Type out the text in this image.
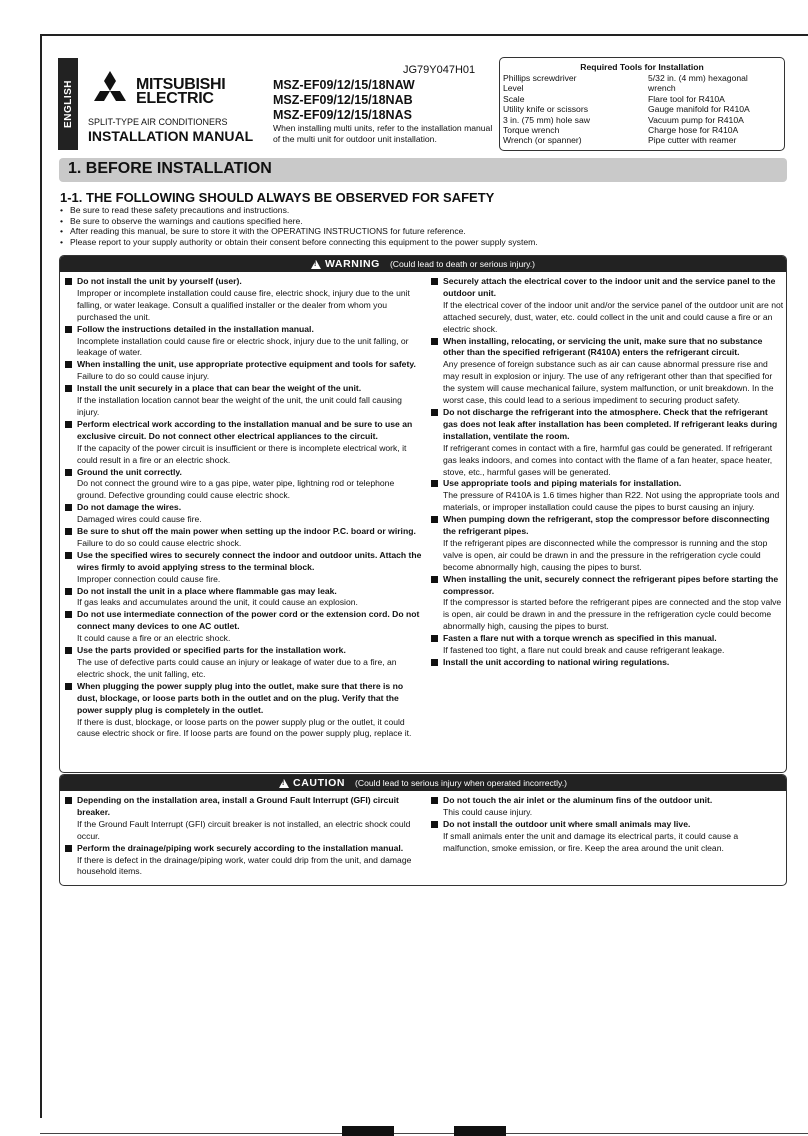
ENGLISH	MITSUBISHI
ELECTRIC
SPLIT-TYPE AIR CONDITIONERS
INSTALLATION MANUAL
JG79Y047H01
MSZ-EF09/12/15/18NAW
MSZ-EF09/12/15/18NAB
MSZ-EF09/12/15/18NAS
When installing multi units, refer to the installation manual of the multi unit for outdoor unit installation.
Required Tools for Installation
Phillips screwdriver
Level
Scale
Utility knife or scissors
3 in. (75 mm) hole saw
Torque wrench
Wrench (or spanner)
5/32 in. (4 mm) hexagonal
wrench
Flare tool for R410A
Gauge manifold for R410A
Vacuum pump for R410A
Charge hose for R410A
Pipe cutter with reamer
1. BEFORE INSTALLATION
1-1. THE FOLLOWING SHOULD ALWAYS BE OBSERVED FOR SAFETY
• Be sure to read these safety precautions and instructions.
• Be sure to observe the warnings and cautions specified here.
• After reading this manual, be sure to store it with the OPERATING INSTRUCTIONS for future reference.
• Please report to your supply authority or obtain their consent before connecting this equipment to the power supply system.
!
WARNING (Could lead to death or serious injury.)
Do not install the unit by yourself (user).
Improper or incomplete installation could cause fire, electric shock, injury due to the unit falling, or water leakage. Consult a qualified installer or the dealer from whom you purchased the unit.
Follow the instructions detailed in the installation manual.
Incomplete installation could cause fire or electric shock, injury due to the unit falling, or leakage of water.
When installing the unit, use appropriate protective equipment and tools for safety.
Failure to do so could cause injury.
Install the unit securely in a place that can bear the weight of the unit.
If the installation location cannot bear the weight of the unit, the unit could fall causing injury.
Perform electrical work according to the installation manual and be sure to use an exclusive circuit. Do not connect other electrical appliances to the circuit.
If the capacity of the power circuit is insufficient or there is incomplete electrical work, it could result in a fire or an electric shock.
Ground the unit correctly.
Do not connect the ground wire to a gas pipe, water pipe, lightning rod or telephone ground. Defective grounding could cause electric shock.
Do not damage the wires.
Damaged wires could cause fire.
Be sure to shut off the main power when setting up the indoor P.C. board or wiring.
Failure to do so could cause electric shock.
Use the specified wires to securely connect the indoor and outdoor units. Attach the wires firmly to avoid applying stress to the terminal block.
Improper connection could cause fire.
Do not install the unit in a place where flammable gas may leak.
If gas leaks and accumulates around the unit, it could cause an explosion.
Do not use intermediate connection of the power cord or the extension cord. Do not connect many devices to one AC outlet.
It could cause a fire or an electric shock.
Use the parts provided or specified parts for the installation work.
The use of defective parts could cause an injury or leakage of water due to a fire, an electric shock, the unit falling, etc.
When plugging the power supply plug into the outlet, make sure that there is no dust, blockage, or loose parts both in the outlet and on the plug. Verify that the power supply plug is completely in the outlet.
If there is dust, blockage, or loose parts on the power supply plug or the outlet, it could cause electric shock or fire. If loose parts are found on the power supply plug, replace it.
Securely attach the electrical cover to the indoor unit and the service panel to the outdoor unit.
If the electrical cover of the indoor unit and/or the service panel of the outdoor unit are not attached securely, dust, water, etc. could collect in the unit and could cause a fire or an electric shock.
When installing, relocating, or servicing the unit, make sure that no substance other than the specified refrigerant (R410A) enters the refrigerant circuit.
Any presence of foreign substance such as air can cause abnormal pressure rise and may result in explosion or injury. The use of any refrigerant other than that specified for the system will cause mechanical failure, system malfunction, or unit breakdown. In the worst case, this could lead to a serious impediment to securing product safety.
Do not discharge the refrigerant into the atmosphere. Check that the refrigerant gas does not leak after installation has been completed. If refrigerant leaks during installation, ventilate the room.
If refrigerant comes in contact with a fire, harmful gas could be generated. If refrigerant gas leaks indoors, and comes into contact with the flame of a fan heater, space heater, stove, etc., harmful gases will be generated.
Use appropriate tools and piping materials for installation.
The pressure of R410A is 1.6 times higher than R22. Not using the appropriate tools and materials, or improper installation could cause the pipes to burst causing an injury.
When pumping down the refrigerant, stop the compressor before disconnecting the refrigerant pipes.
If the refrigerant pipes are disconnected while the compressor is running and the stop valve is open, air could be drawn in and the pressure in the refrigeration cycle could become abnormally high, causing the pipes to burst.
When installing the unit, securely connect the refrigerant pipes before starting the compressor.
If the compressor is started before the refrigerant pipes are connected and the stop valve is open, air could be drawn in and the pressure in the refrigeration cycle could become abnormally high, causing the pipes to burst.
Fasten a flare nut with a torque wrench as specified in this manual.
If fastened too tight, a flare nut could break and cause refrigerant leakage.
Install the unit according to national wiring regulations.
!
CAUTION (Could lead to serious injury when operated incorrectly.)
Depending on the installation area, install a Ground Fault Interrupt (GFI) circuit breaker.
If the Ground Fault Interrupt (GFI) circuit breaker is not installed, an electric shock could occur.
Perform the drainage/piping work securely according to the installation manual.
If there is defect in the drainage/piping work, water could drip from the unit, and damage household items.
Do not touch the air inlet or the aluminum fins of the outdoor unit.
This could cause injury.
Do not install the outdoor unit where small animals may live.
If small animals enter the unit and damage its electrical parts, it could cause a malfunction, smoke emission, or fire. Keep the area around the unit clean.
